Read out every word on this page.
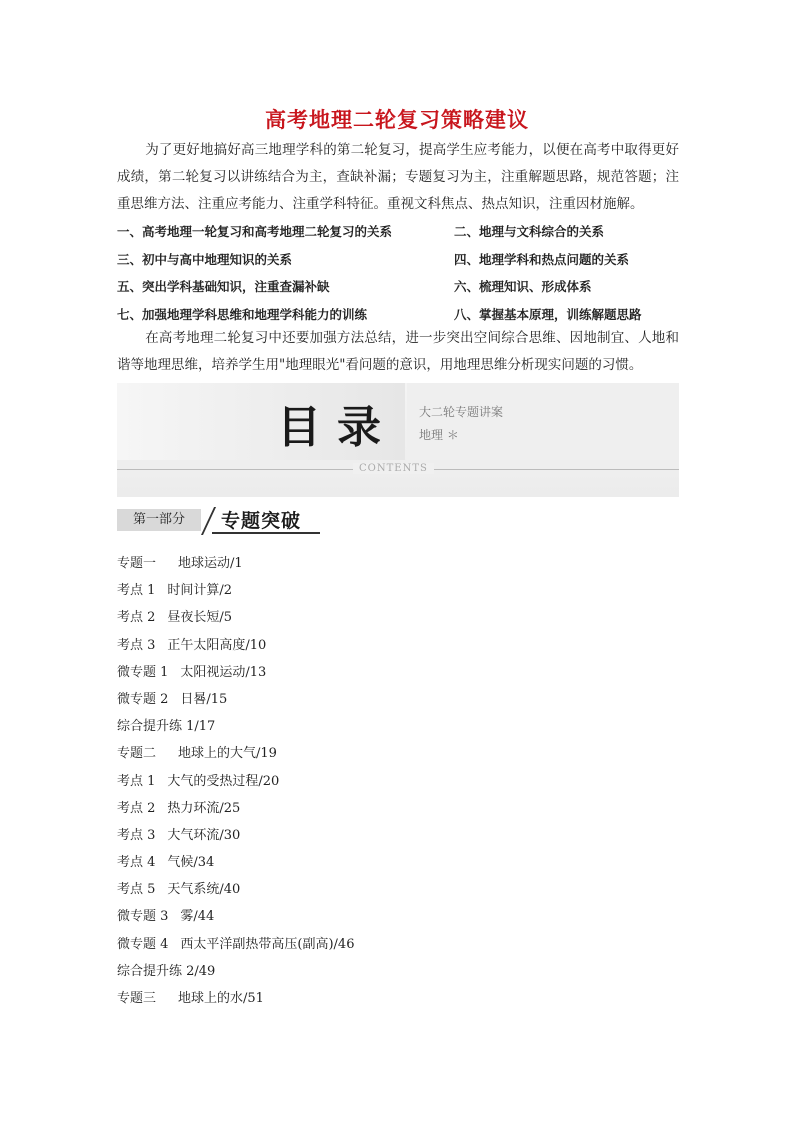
高考地理二轮复习策略建议
为了更好地搞好高三地理学科的第二轮复习，提高学生应考能力，以便在高考中取得更好成绩，第二轮复习以讲练结合为主，查缺补漏；专题复习为主，注重解题思路，规范答题；注重思维方法、注重应考能力、注重学科特征。重视文科焦点、热点知识，注重因材施解。
一、高考地理一轮复习和高考地理二轮复习的关系	二、地理与文科综合的关系
三、初中与高中地理知识的关系	四、地理学科和热点问题的关系
五、突出学科基础知识，注重查漏补缺	六、梳理知识、形成体系
七、加强地理学科思维和地理学科能力的训练	八、掌握基本原理，训练解题思路
在高考地理二轮复习中还要加强方法总结，进一步突出空间综合思维、因地制宜、人地和谐等地理思维，培养学生用"地理眼光"看问题的意识，用地理思维分析现实问题的习惯。
目录 大二轮专题讲案
地理 ＊
CONTENTS
第一部分	专题突破
专题一 地球运动/1
考点 1 时间计算/2
考点 2 昼夜长短/5
考点 3 正午太阳高度/10
微专题 1 太阳视运动/13
微专题 2 日晷/15
综合提升练 1/17
专题二 地球上的大气/19
考点 1 大气的受热过程/20
考点 2 热力环流/25
考点 3 大气环流/30
考点 4 气候/34
考点 5 天气系统/40
微专题 3 雾/44
微专题 4 西太平洋副热带高压(副高)/46
综合提升练 2/49
专题三 地球上的水/51
